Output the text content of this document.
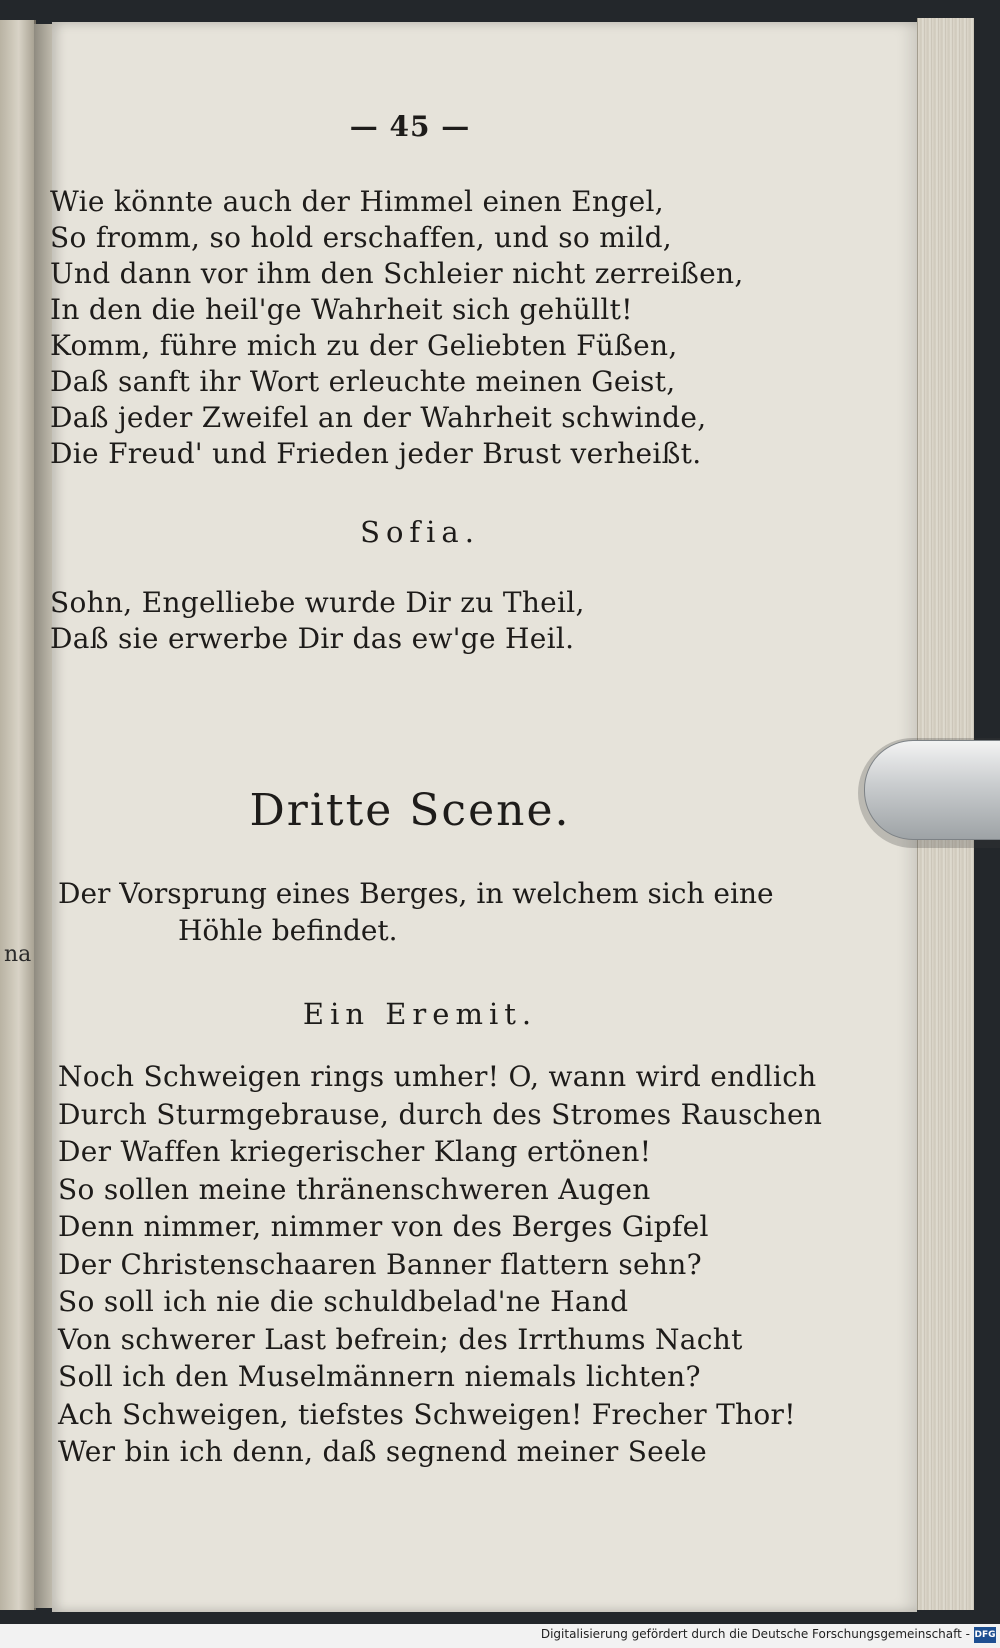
na
— 45 —
Wie könnte auch der Himmel einen Engel,
So fromm, so hold erschaffen, und so mild,
Und dann vor ihm den Schleier nicht zerreißen,
In den die heil'ge Wahrheit sich gehüllt!
Komm, führe mich zu der Geliebten Füßen,
Daß sanft ihr Wort erleuchte meinen Geist,
Daß jeder Zweifel an der Wahrheit schwinde,
Die Freud' und Frieden jeder Brust verheißt.
Sofia.
Sohn, Engelliebe wurde Dir zu Theil,
Daß sie erwerbe Dir das ew'ge Heil.
Dritte Scene.
Der Vorsprung eines Berges, in welchem sich eine
Höhle befindet.
Ein Eremit.
Noch Schweigen rings umher! O, wann wird endlich
Durch Sturmgebrause, durch des Stromes Rauschen
Der Waffen kriegerischer Klang ertönen!
So sollen meine thränenschweren Augen
Denn nimmer, nimmer von des Berges Gipfel
Der Christenschaaren Banner flattern sehn?
So soll ich nie die schuldbelad'ne Hand
Von schwerer Last befrein; des Irrthums Nacht
Soll ich den Muselmännern niemals lichten?
Ach Schweigen, tiefstes Schweigen! Frecher Thor!
Wer bin ich denn, daß segnend meiner Seele
Digitalisierung gefördert durch die Deutsche Forschungsgemeinschaft - DFG
